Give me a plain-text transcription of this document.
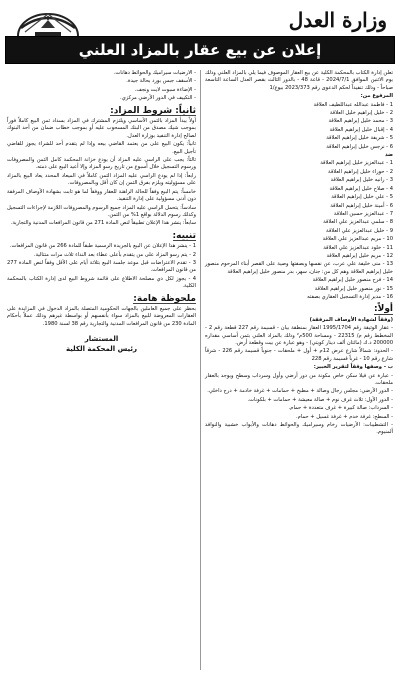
وزارة العدل
إعلان عن بيع عقار بالمزاد العلني
تعلن إدارة الكتاب بالمحكمة الكلية عن بيع العقار الموصوف فيما يلي بالمزاد العلني وذلك يوم الاثنين الموافق 2024/7/1 - قاعة 48 - بالدور الثالث بقصر العدل الساعة التاسعة صباحاً - وذلك تنفيذاً لحكم الدعوى رقم 2023/373 بيوع/1
المرفوع من:
1 - فاطمة عبدالله عبداللطيف العلاقة
2 - خليل إبراهيم خليل العلاقة
3 - محمد خليل إبراهيم العلاقة
4 - إقبال خليل إبراهيم العلاقة
5 - شريفة خليل إبراهيم العلاقة
6 - نرجس خليل إبراهيم العلاقة
ضد
1 - عبدالعزيز خليل إبراهيم العلاقة
2 - حوراء خليل إبراهيم العلاقة
3 - رانيه خليل إبراهيم العلاقة
4 - صلاح خليل إبراهيم العلاقة
5 - علي خليل إبراهيم العلاقة
6 - أمينة خليل إبراهيم العلاقة
7 - عبدالعزيز حسين العلاقة
8 - سلمي عبدالعزيز علي العلاقة
9 - خليل عبدالعزيز علي العلاقة
10 - مريم عبدالعزيز علي العلاقة
11 - خلود عبدالعزيز علي العلاقة
12 - مريم خليل إبراهيم العلاقة
13 - منى خليفة علي عرب، عن نفسها وبصفتها وصية على القصر أبناء المرحوم منصور خليل إبراهيم العلاقة وهم كل من: جنان، سهر، بدر منصور خليل إبراهيم العلاقة
14 - فرح منصور خليل إبراهيم العلاقة
15 - نور منصور خليل إبراهيم العلاقة
16 - مدير إدارة التسجيل العقاري بصفته
أولاً:
(وفقاً لشهادة الأوصاف المرفقة)
- عقار الوثيقة رقم 1995/1704 العقار بمنطقة بيان - قسيمة رقم 227 قطعة رقم 2 - المخطط رقم م/ 22315 - ومساحة 500م² وذلك بالمزاد العلني بثمن أساسي مقداره 200000 د.ك (مائتان ألف دينار كويتي) - وهو عبارة عن بيت وقطعة أرض.
- الحدود: شمالاً شارع عرض 12م + أول + ملحقات - جنوباً قسيمة رقم 226 - شرقاً شارع رقم 10 - غرباً قسيمة رقم 228
ب - وصفها وفقاً لتقرير الخبير:
- عبارة عن فيلا سكن خاص مكونة من دور أرضي وأول وسرداب وسطح ويوجد بالعقار ملحقات.
- الدور الأرضي: مجلس رجال وصالة + مطبخ + حمامات + غرفة خادمة + درج داخلي.
- الدور الأول: ثلاث غرف نوم + صالة معيشة + حمامات + بلكونات.
- السرداب: صالة كبيرة + غرف متعددة + حمام.
- السطح: غرفة خدم + غرفة غسيل + حمام.
- التشطيبات: الأرضيات رخام وسيراميك والحوائط دهانات والأبواب خشبية والنوافذ ألمنيوم.
- الأرضيات سيراميك والحوائط دهانات.
- الأسقف جبس بورد بحالة جيدة.
- الإضاءة سبوت لايت ونجف.
- التكييف في الدور الأرضي مركزي.
ثانياً: شروط المزاد:
أولاً يبدأ المزاد بالثمن الأساسي ويلتزم المشترك في المزاد بسداد ثمن البيع كاملاً فوراً بموجب شيك مصدق من البنك المسحوب عليه أو بموجب خطاب ضمان من أحد البنوك لصالح إدارة التنفيذ بوزارة العدل.
ثانياً: يكون البيع على من يعتمد القاضي بيعه وإذا لم يتقدم أحد للشراء يجوز للقاضي تأجيل البيع.
ثالثاً: يجب على الراسي عليه المزاد أن يودع خزانة المحكمة كامل الثمن والمصروفات ورسوم التسجيل خلال أسبوع من تاريخ رسو المزاد وإلا أعيد البيع على ذمته.
رابعاً: إذا لم يودع الراسي عليه المزاد الثمن كاملاً في الميعاد المحدد يعاد البيع بالمزاد على مسؤوليته ويلزم بفرق الثمن إن كان أقل وبالمصروفات.
خامساً: يتم البيع وفقاً للحالة الراهنة للعقار ووفقاً لما هو ثابت بشهادة الأوصاف المرفقة دون أدنى مسؤولية على إدارة التنفيذ.
سادساً: يتحمل الراسي عليه المزاد جميع الرسوم والمصروفات اللازمة لإجراءات التسجيل وكذلك رسوم الدلالة بواقع 1% من الثمن.
سابعاً: ينشر هذا الإعلان تطبيقاً لنص المادة 271 من قانون المرافعات المدنية والتجارية.
تنبيه:
1 - ينشر هذا الإعلان عن البيع بالجريدة الرسمية طبقاً للمادة 266 من قانون المرافعات.
2 - يتم رسو المزاد على من يتقدم بأعلى عطاء بعد النداء ثلاث مرات متتالية.
3 - تقدم الاعتراضات قبل موعد جلسة البيع بثلاثة أيام على الأقل وفقاً لنص المادة 277 من قانون المرافعات.
4 - يجوز لكل ذي مصلحة الاطلاع على قائمة شروط البيع لدى إدارة الكتاب بالمحكمة الكلية.
ملحوظة هامة:
بحظر على جميع العاملين بالجهات الحكومية المتصلة بالمزاد الدخول في المزايدة على العقارات المعروضة للبيع بالمزاد سواء بأنفسهم أو بواسطة غيرهم وذلك عملاً بأحكام المادة 230 من قانون المرافعات المدنية والتجارية رقم 38 لسنة 1980.
المستشار
رئيس المحكمة الكلية
